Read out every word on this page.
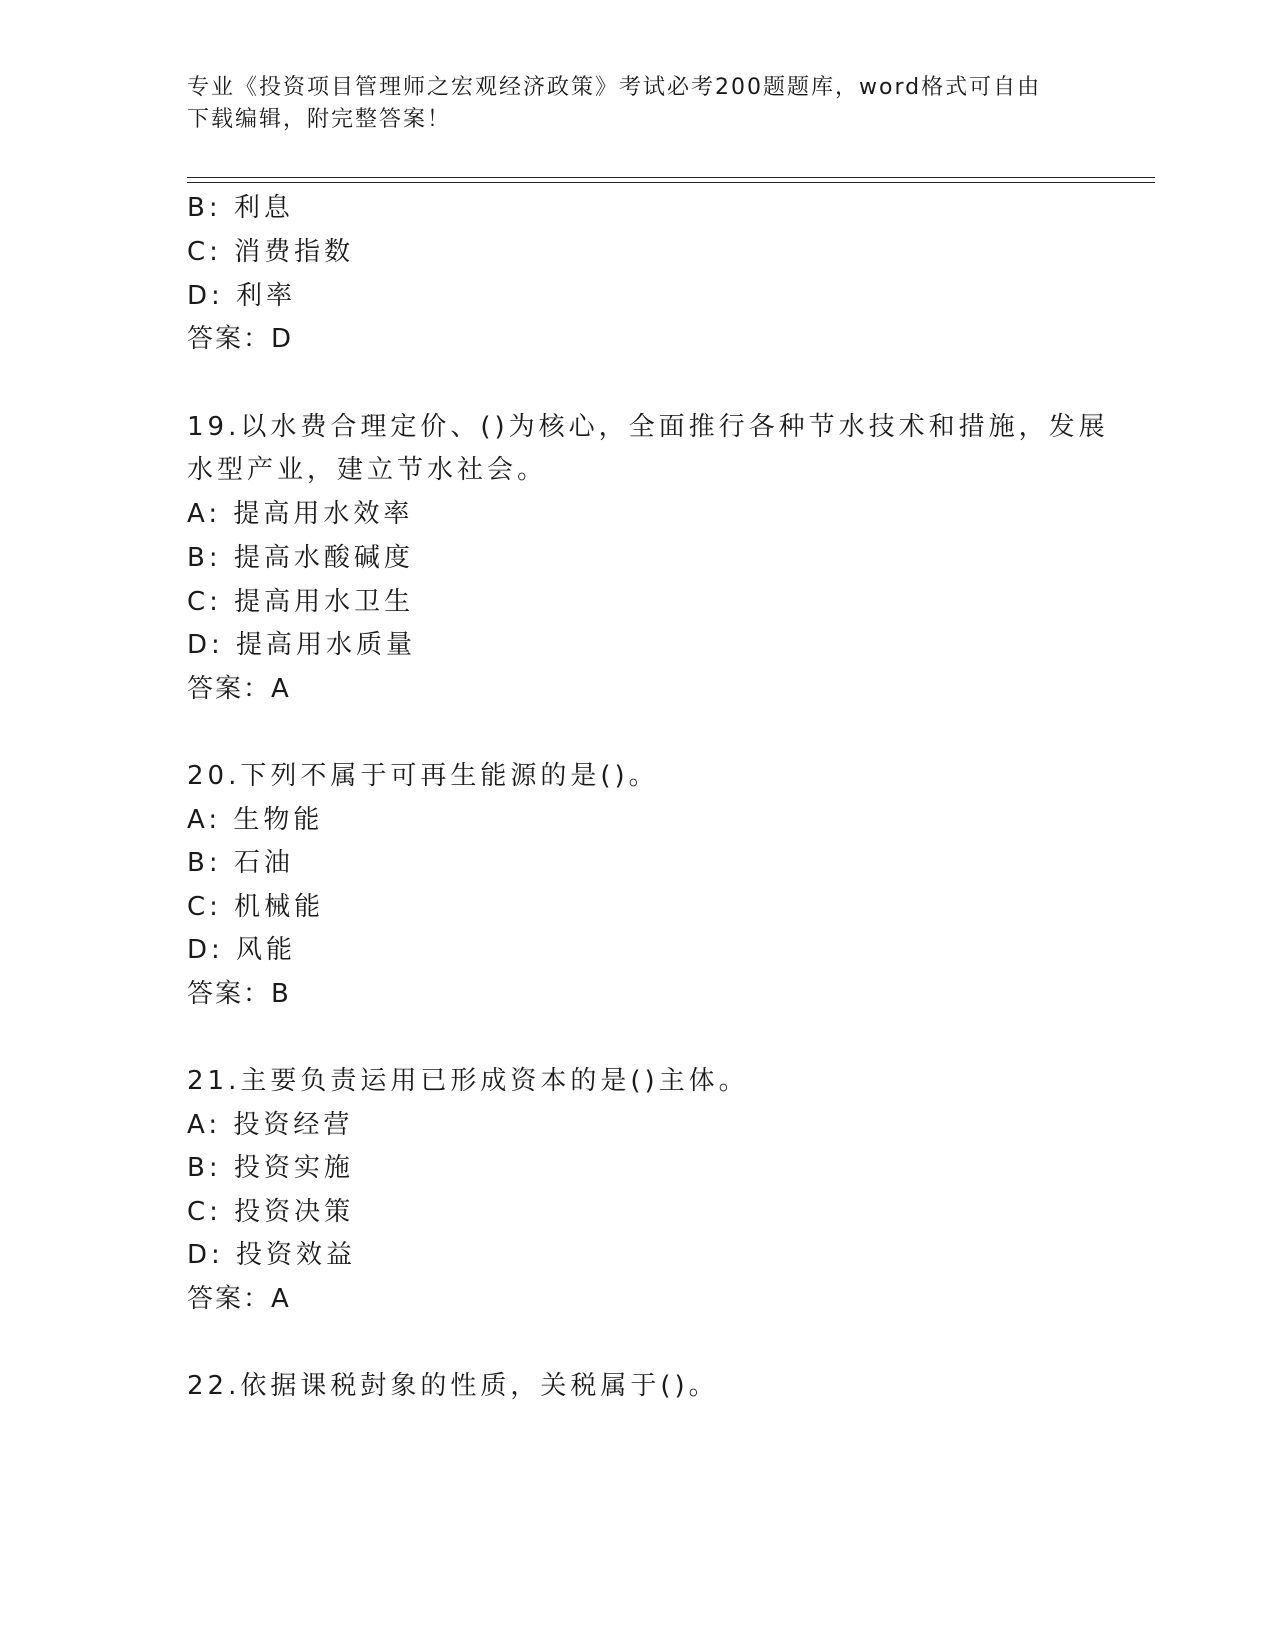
专业《投资项目管理师之宏观经济政策》考试必考200题题库，word格式可自由
下载编辑，附完整答案！
B: 利息
C: 消费指数
D: 利率
答案：D
19.以水费合理定价、()为核心，全面推行各种节水技术和措施，发展
水型产业，建立节水社会。
A: 提高用水效率
B: 提高水酸碱度
C: 提高用水卫生
D: 提高用水质量
答案：A
20.下列不属于可再生能源的是()。
A: 生物能
B: 石油
C: 机械能
D: 风能
答案：B
21.主要负责运用已形成资本的是()主体。
A: 投资经营
B: 投资实施
C: 投资决策
D: 投资效益
答案：A
22.依据课税尌象的性质，关税属于()。
